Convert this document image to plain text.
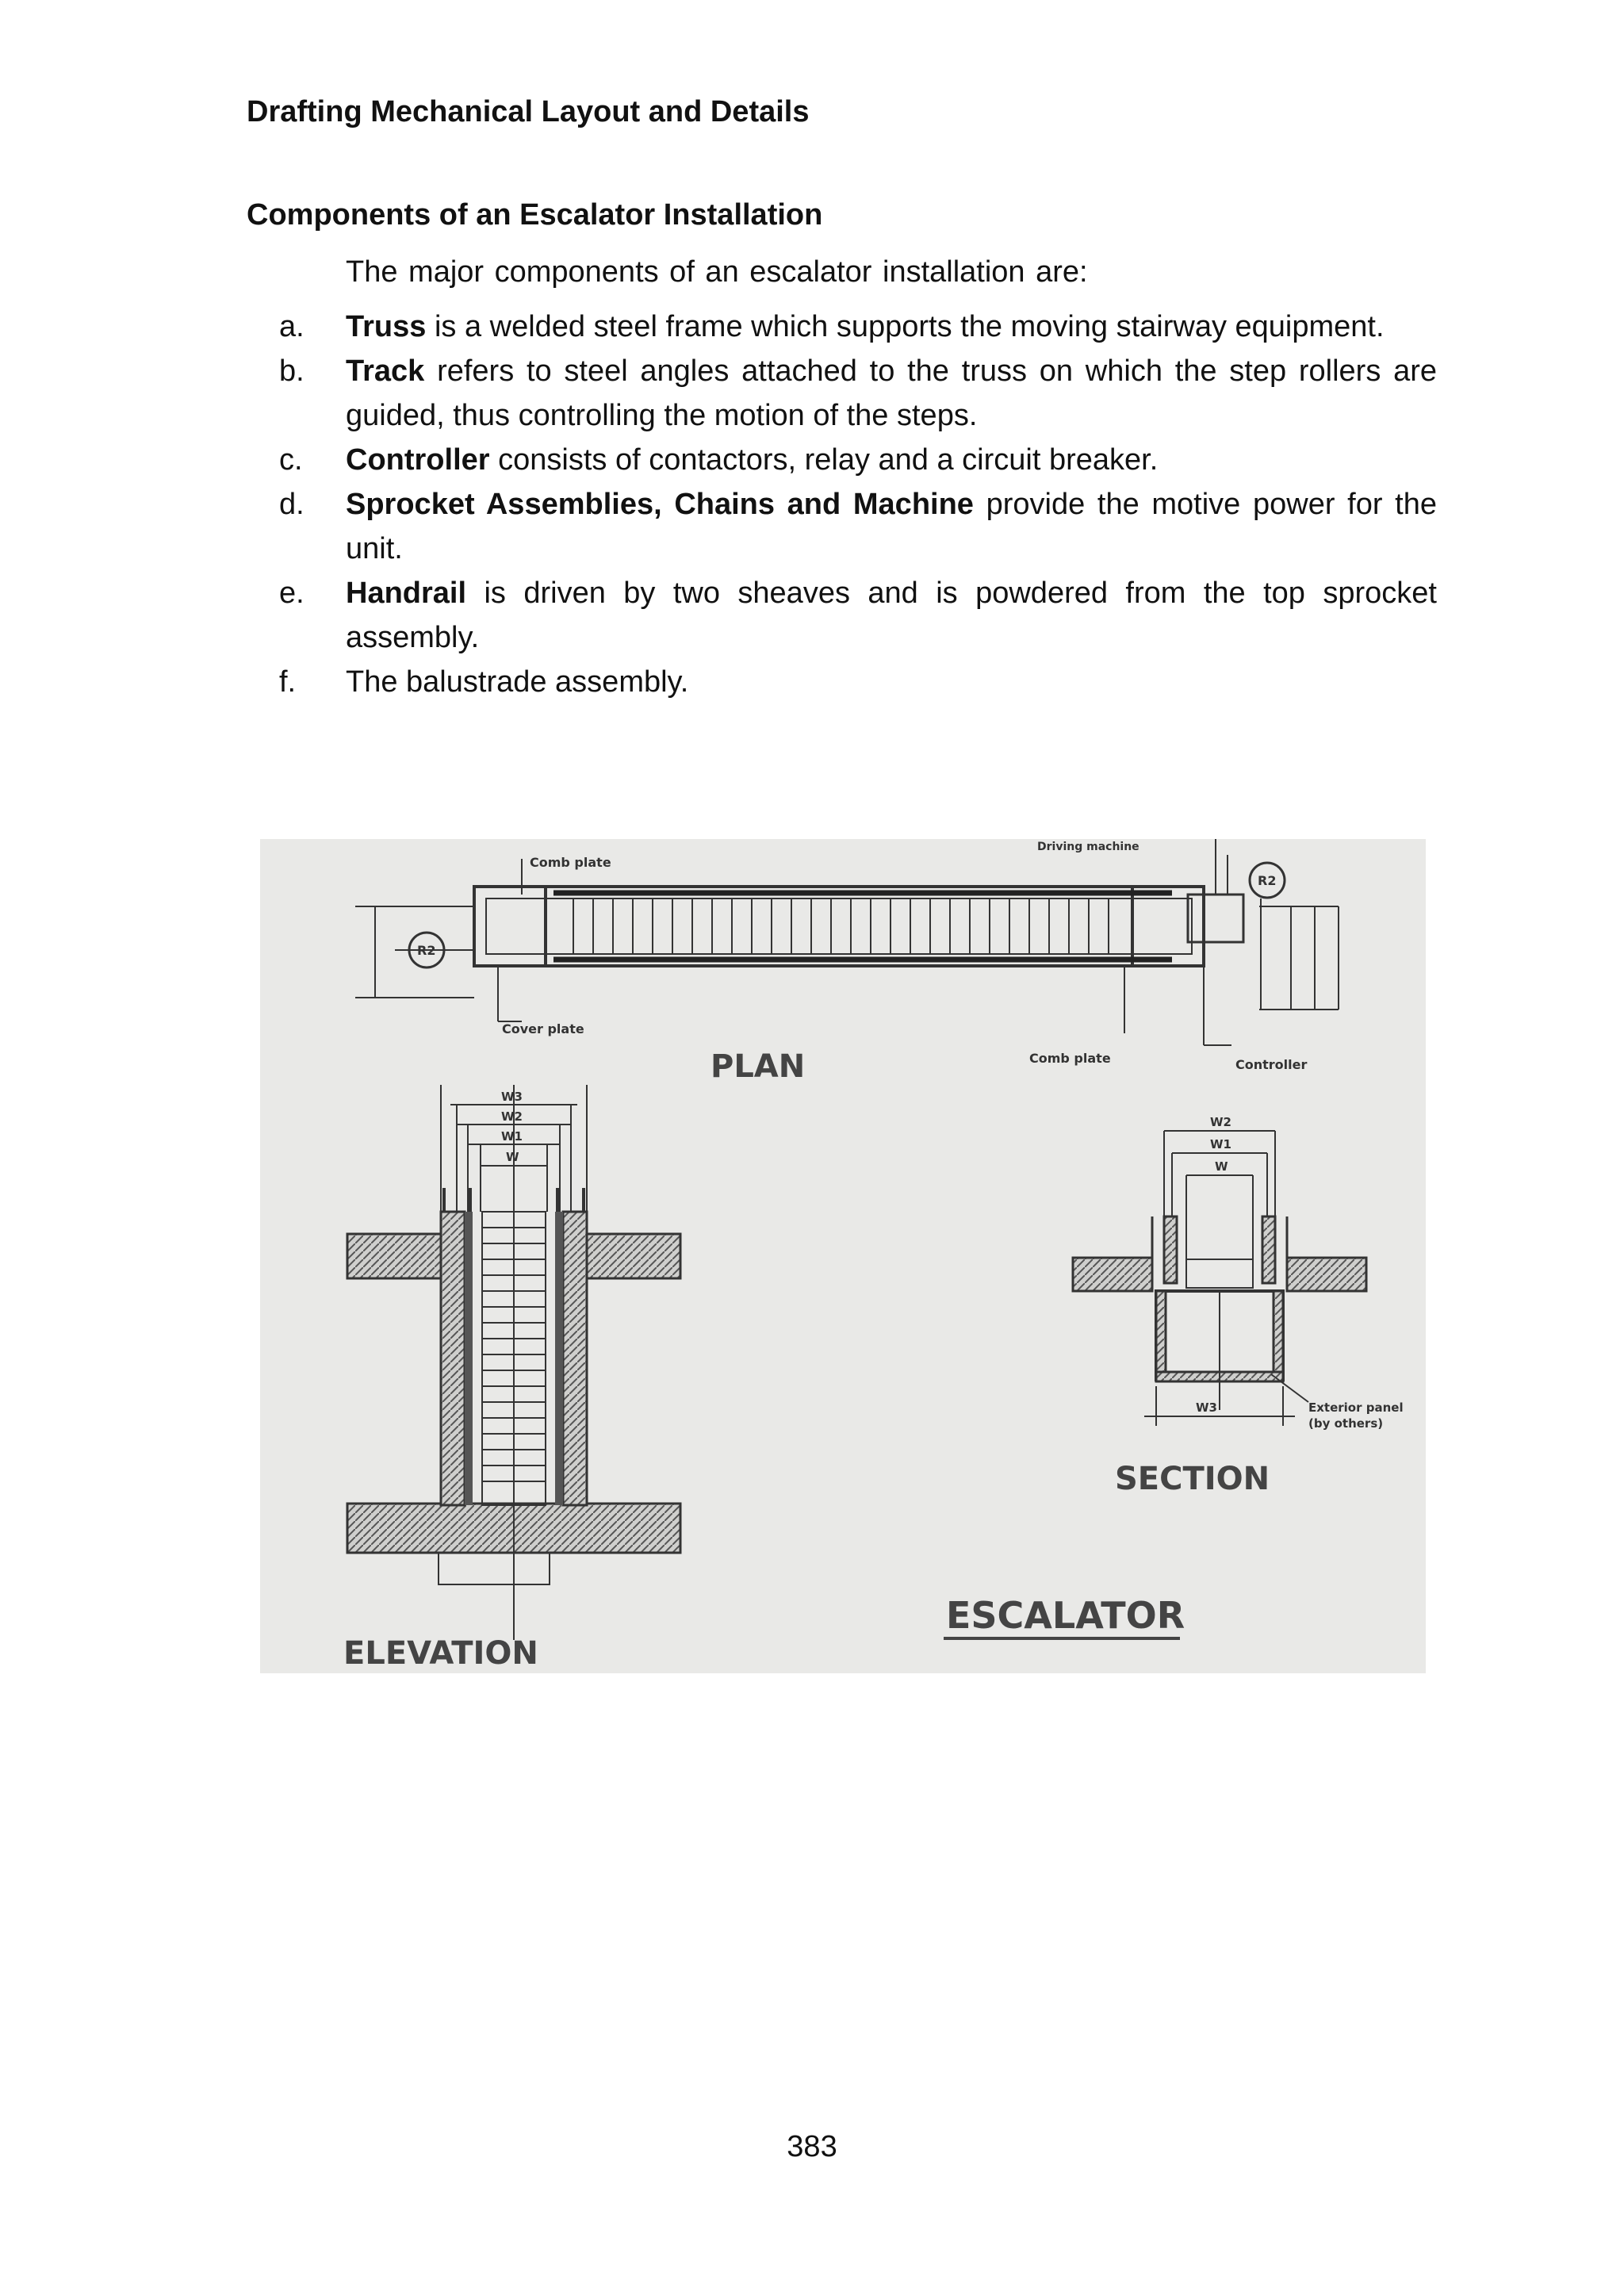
Drafting Mechanical Layout and Details
Components of an Escalator Installation

The major components of an escalator installation are:

a.	Truss is a welded steel frame which supports the moving stairway equipment.
b.	Track refers to steel angles attached to the truss on which the step rollers are guided, thus controlling the motion of the steps.
c.	Controller consists of contactors, relay and a circuit breaker.
d.	Sprocket Assemblies, Chains and Machine provide the motive power for the unit.
e.	Handrail is driven by two sheaves and is powdered from the top sprocket assembly.
f.	The balustrade assembly.
Comb plate
Cover plate
Comb plate	Controller
Driving machine
R2
R2
PLAN
W3
W2
W1
W
ELEVATION
W2
W1
W
W3	Exterior panel
(by others)
SECTION
ESCALATOR

383
